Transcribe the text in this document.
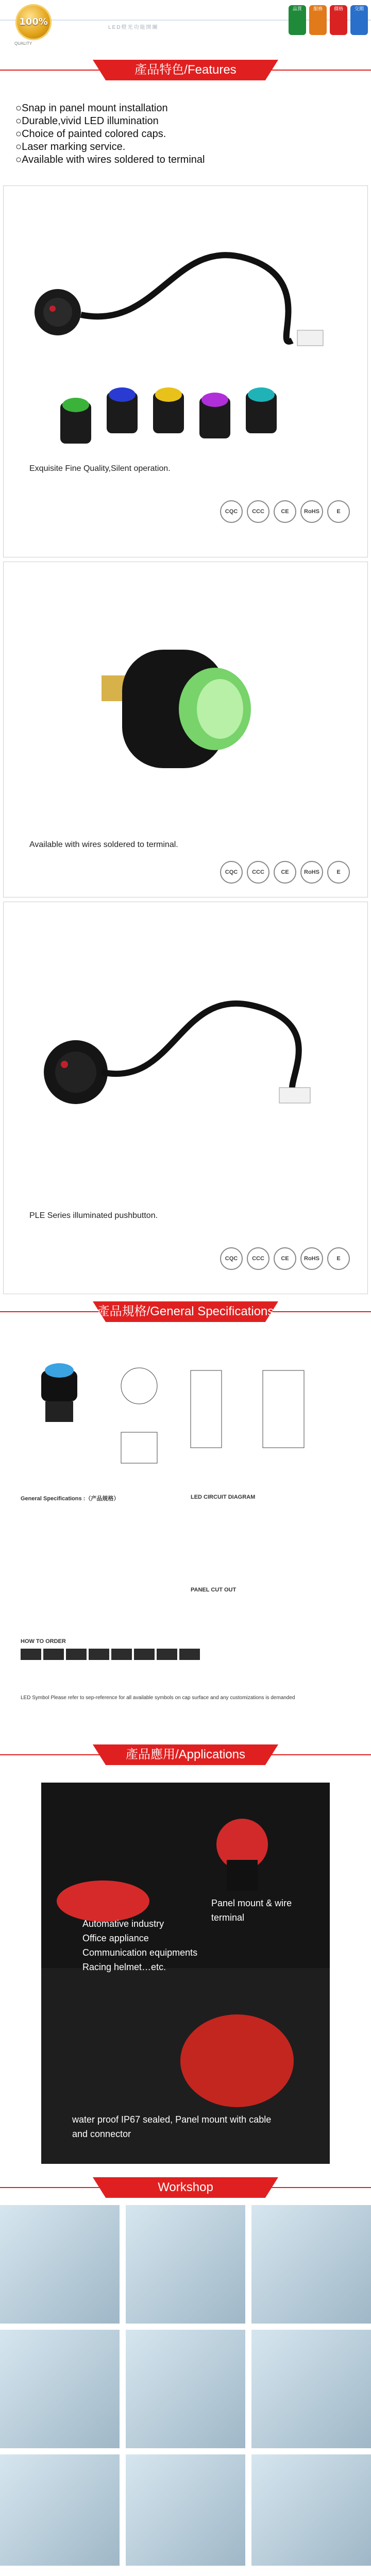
100%
QUALITY
LED燈光功能開關
品質	服務	價格	交期
產品特色/Features
○Snap in panel mount installation
○Durable,vivid LED illumination
○Choice of painted colored caps.
○Laser marking service.
○Available with wires soldered to terminal
Exquisite Fine Quality,Silent operation.
CQC	CCC	CE	RoHS	E
Available with wires soldered to terminal.
CQC	CCC	CE	RoHS	E
PLE Series illuminated pushbutton.
CQC	CCC	CE	RoHS	E
產品規格/General Specifications
General Specifications :（产品规格）	LED CIRCUIT DIAGRAM
PANEL CUT OUT
HOW TO ORDER
LED Symbol Please refer to sep-reference for all available symbols on cap surface and any customizations is demanded
產品應用/Applications
Panel mount & wire terminal
Automative industry
Office appliance
Communication equipments
Racing helmet…etc.
water proof IP67 sealed, Panel mount with cable and connector
Workshop
